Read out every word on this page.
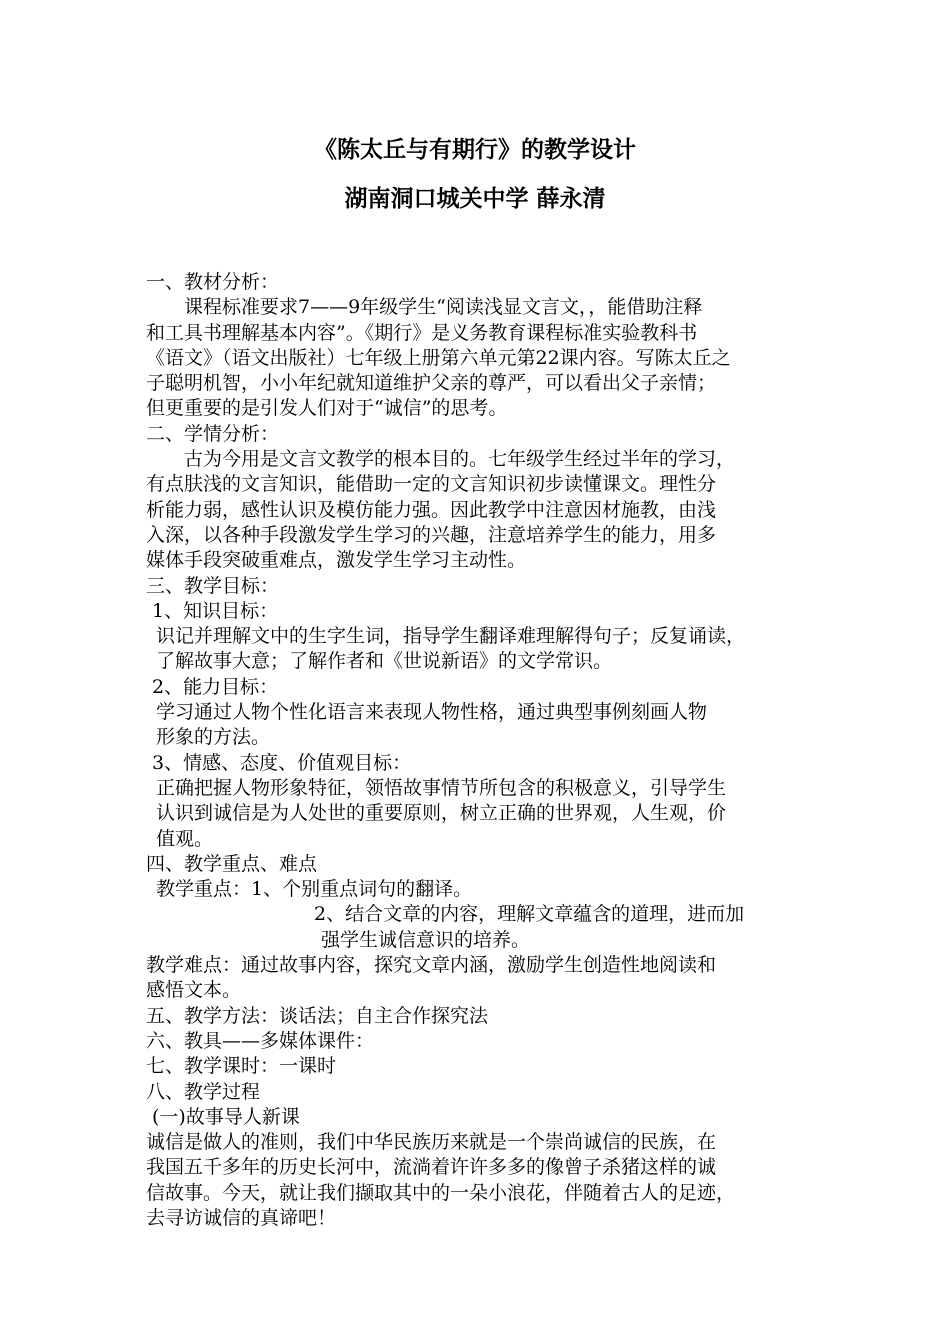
《陈太丘与有期行》的教学设计
湖南洞口城关中学 薛永清
一、教材分析：
课程标准要求7——9年级学生“阅读浅显文言文，，能借助注释
和工具书理解基本内容”。《期行》是义务教育课程标准实验教科书
《语文》（语文出版社）七年级上册第六单元第22课内容。写陈太丘之
子聪明机智，小小年纪就知道维护父亲的尊严，可以看出父子亲情；
但更重要的是引发人们对于“诚信”的思考。
二、学情分析：
古为今用是文言文教学的根本目的。七年级学生经过半年的学习，
有点肤浅的文言知识，能借助一定的文言知识初步读懂课文。理性分
析能力弱，感性认识及模仿能力强。因此教学中注意因材施教，由浅
入深，以各种手段激发学生学习的兴趣，注意培养学生的能力，用多
媒体手段突破重难点，激发学生学习主动性。
三、教学目标：
1、知识目标：
识记并理解文中的生字生词，指导学生翻译难理解得句子；反复诵读，
了解故事大意；了解作者和《世说新语》的文学常识。
2、能力目标：
学习通过人物个性化语言来表现人物性格，通过典型事例刻画人物
形象的方法。
3、情感、态度、价值观目标：
正确把握人物形象特征，领悟故事情节所包含的积极意义，引导学生
认识到诚信是为人处世的重要原则，树立正确的世界观，人生观，价
值观。
四、教学重点、难点
教学重点：1、个别重点词句的翻译。
2、结合文章的内容，理解文章蕴含的道理，进而加
强学生诚信意识的培养。
教学难点：通过故事内容，探究文章内涵，激励学生创造性地阅读和
感悟文本。
五、教学方法：谈话法；自主合作探究法
六、教具——多媒体课件：
七、教学课时：一课时
八、教学过程
(一)故事导人新课
诚信是做人的准则，我们中华民族历来就是一个崇尚诚信的民族，在
我国五千多年的历史长河中，流淌着许许多多的像曾子杀猪这样的诚
信故事。今天，就让我们撷取其中的一朵小浪花，伴随着古人的足迹，
去寻访诚信的真谛吧！
